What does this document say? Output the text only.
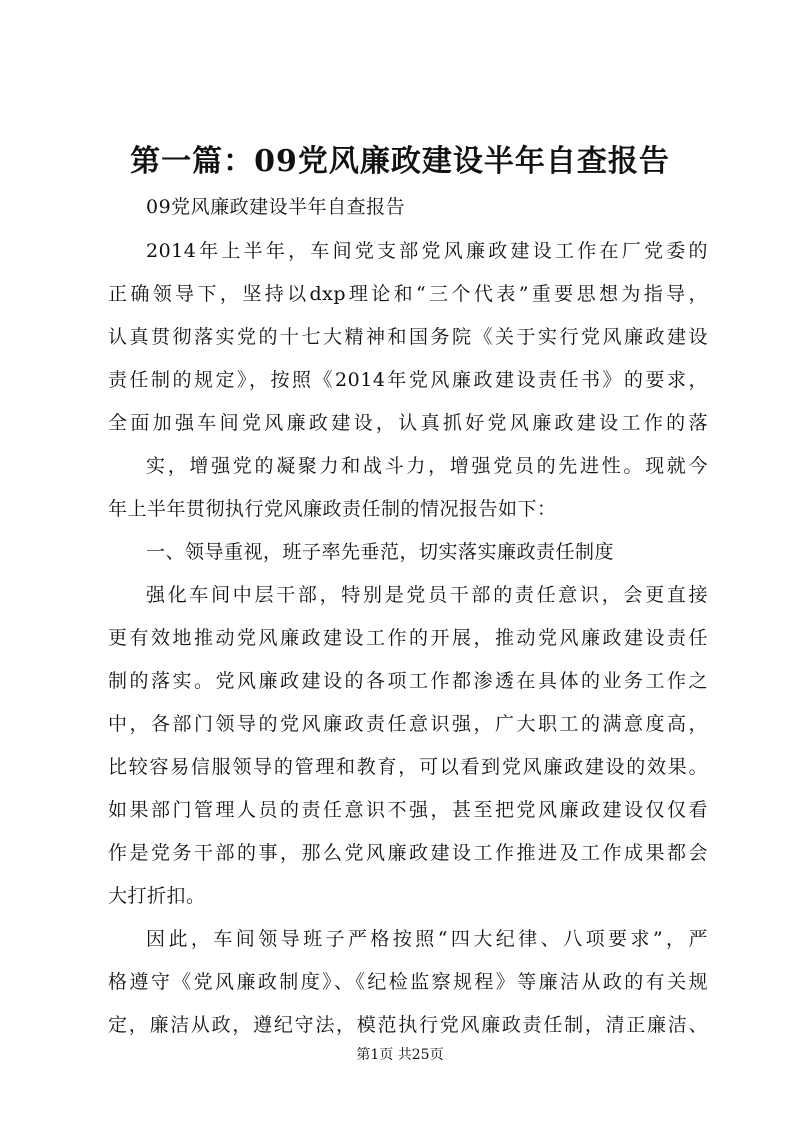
第一篇：09党风廉政建设半年自查报告
09党风廉政建设半年自查报告
2014年上半年，车间党支部党风廉政建设工作在厂党委的
正确领导下，坚持以dxp理论和“三个代表”重要思想为指导，
认真贯彻落实党的十七大精神和国务院《关于实行党风廉政建设
责任制的规定》，按照《2014年党风廉政建设责任书》的要求，
全面加强车间党风廉政建设，认真抓好党风廉政建设工作的落
实，增强党的凝聚力和战斗力，增强党员的先进性。现就今
年上半年贯彻执行党风廉政责任制的情况报告如下：
一、领导重视，班子率先垂范，切实落实廉政责任制度
强化车间中层干部，特别是党员干部的责任意识，会更直接
更有效地推动党风廉政建设工作的开展，推动党风廉政建设责任
制的落实。党风廉政建设的各项工作都渗透在具体的业务工作之
中，各部门领导的党风廉政责任意识强，广大职工的满意度高，
比较容易信服领导的管理和教育，可以看到党风廉政建设的效果。
如果部门管理人员的责任意识不强，甚至把党风廉政建设仅仅看
作是党务干部的事，那么党风廉政建设工作推进及工作成果都会
大打折扣。
因此，车间领导班子严格按照“四大纪律、八项要求”，严
格遵守《党风廉政制度》、《纪检监察规程》等廉洁从政的有关规
定，廉洁从政，遵纪守法，模范执行党风廉政责任制，清正廉洁、
第1页 共25页
